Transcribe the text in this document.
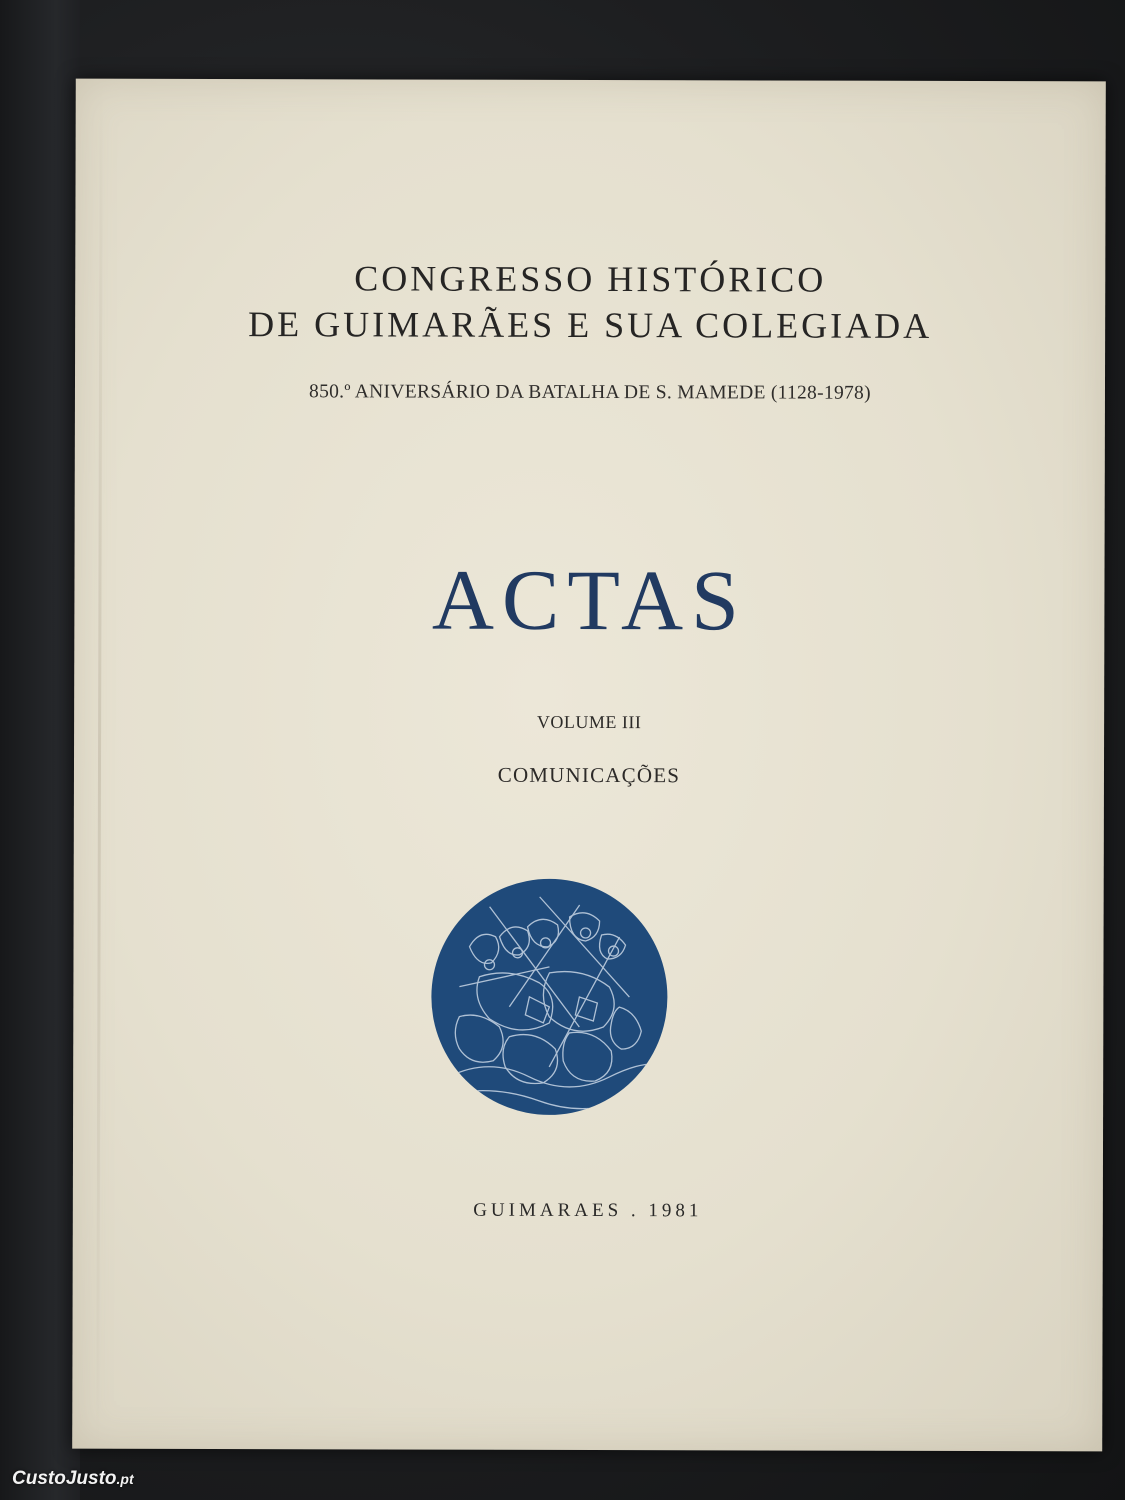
CONGRESSO HISTÓRICO
DE GUIMARÃES E SUA COLEGIADA
850.º ANIVERSÁRIO DA BATALHA DE S. MAMEDE (1128-1978)
ACTAS
VOLUME III
COMUNICAÇÕES
GUIMARAES . 1981
CustoJusto.pt
